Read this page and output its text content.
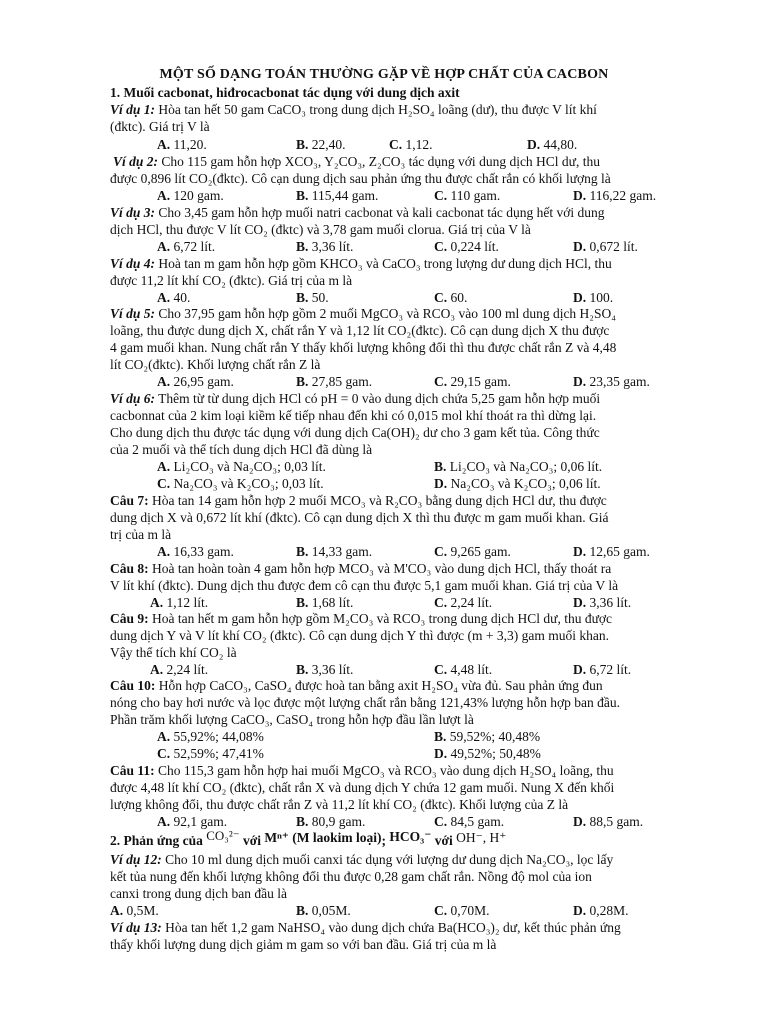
MỘT SỐ DẠNG TOÁN THƯỜNG GẶP VỀ HỢP CHẤT CỦA CACBON
1. Muối cacbonat, hiđrocacbonat tác dụng với dung dịch axit
Ví dụ 1: Hòa tan hết 50 gam CaCO₃ trong dung dịch H₂SO₄ loãng (dư), thu được V lít khí
(đktc). Giá trị V là
A. 11,20.	B. 22,40.	C. 1,12.	D. 44,80.
Ví dụ 2: Cho 115 gam hỗn hợp XCO₃, Y₂CO₃, Z₂CO₃ tác dụng với dung dịch HCl dư, thu
được 0,896 lít CO₂(đktc). Cô cạn dung dịch sau phản ứng thu được chất rắn có khối lượng là
A. 120 gam.	B. 115,44 gam.	C. 110 gam.	D. 116,22 gam.
Ví dụ 3: Cho 3,45 gam hỗn hợp muối natri cacbonat và kali cacbonat tác dụng hết với dung
dịch HCl, thu được V lít CO₂ (đktc) và 3,78 gam muối clorua. Giá trị của V là
A. 6,72 lít.	B. 3,36 lít.	C. 0,224 lít.	D. 0,672 lít.
Ví dụ 4: Hoà tan m gam hỗn hợp gồm KHCO₃ và CaCO₃ trong lượng dư dung dịch HCl, thu
được 11,2 lít khí CO₂ (đktc). Giá trị của m là
A. 40.	B. 50.	C. 60.	D. 100.
Ví dụ 5: Cho 37,95 gam hỗn hợp gồm 2 muối MgCO₃ và RCO₃ vào 100 ml dung dịch H₂SO₄
loãng, thu được dung dịch X, chất rắn Y và 1,12 lít CO₂(đktc). Cô cạn dung dịch X thu được
4 gam muối khan. Nung chất rắn Y thấy khối lượng không đổi thì thu được chất rắn Z và 4,48
lít CO₂(đktc). Khối lượng chất rắn Z là
A. 26,95 gam.	B. 27,85 gam.	C. 29,15 gam.	D. 23,35 gam.
Ví dụ 6: Thêm từ từ dung dịch HCl có pH = 0 vào dung dịch chứa 5,25 gam hỗn hợp muối
cacbonnat của 2 kim loại kiềm kế tiếp nhau đến khi có 0,015 mol khí thoát ra thì dừng lại.
Cho dung dịch thu được tác dụng với dung dịch Ca(OH)₂ dư cho 3 gam kết tủa. Công thức
của 2 muối và thể tích dung dịch HCl đã dùng là
A. Li₂CO₃ và Na₂CO₃; 0,03 lít.	B. Li₂CO₃ và Na₂CO₃; 0,06 lít.
C. Na₂CO₃ và K₂CO₃; 0,03 lít.	D. Na₂CO₃ và K₂CO₃; 0,06 lít.
Câu 7: Hòa tan 14 gam hỗn hợp 2 muối MCO₃ và R₂CO₃ bằng dung dịch HCl dư, thu được
dung dịch X và 0,672 lít khí (đktc). Cô cạn dung dịch X thì thu được m gam muối khan. Giá
trị của m là
A. 16,33 gam.	B. 14,33 gam.	C. 9,265 gam.	D. 12,65 gam.
Câu 8: Hoà tan hoàn toàn 4 gam hỗn hợp MCO₃ và M'CO₃ vào dung dịch HCl, thấy thoát ra
V lít khí (đktc). Dung dịch thu được đem cô cạn thu được 5,1 gam muối khan. Giá trị của V là
A. 1,12 lít.	B. 1,68 lít.	C. 2,24 lít.	D. 3,36 lít.
Câu 9: Hoà tan hết m gam hỗn hợp gồm M₂CO₃ và RCO₃ trong dung dịch HCl dư, thu được
dung dịch Y và V lít khí CO₂ (đktc). Cô cạn dung dịch Y thì được (m + 3,3) gam muối khan.
Vậy thể tích khí CO₂ là
A. 2,24 lít.	B. 3,36 lít.	C. 4,48 lít.	D. 6,72 lít.
Câu 10: Hỗn hợp CaCO₃, CaSO₄ được hoà tan bằng axit H₂SO₄ vừa đủ. Sau phản ứng đun
nóng cho bay hơi nước và lọc được một lượng chất rắn bằng 121,43% lượng hỗn hợp ban đầu.
Phần trăm khối lượng CaCO₃, CaSO₄ trong hỗn hợp đầu lần lượt là
A. 55,92%; 44,08%	B. 59,52%; 40,48%
C. 52,59%; 47,41%	D. 49,52%; 50,48%
Câu 11: Cho 115,3 gam hỗn hợp hai muối MgCO₃ và RCO₃ vào dung dịch H₂SO₄ loãng, thu
được 4,48 lít khí CO₂ (đktc), chất rắn X và dung dịch Y chứa 12 gam muối. Nung X đến khối
lượng không đổi, thu được chất rắn Z và 11,2 lít khí CO₂ (đktc). Khối lượng của Z là
A. 92,1 gam.	B. 80,9 gam.	C. 84,5 gam.	D. 88,5 gam.
2. Phản ứng của CO₃²⁻ với Mⁿ⁺ (M laokim loại); HCO₃⁻ với OH⁻, H⁺
Ví dụ 12: Cho 10 ml dung dịch muối canxi tác dụng với lượng dư dung dịch Na₂CO₃, lọc lấy
kết tủa nung đến khối lượng không đổi thu được 0,28 gam chất rắn. Nồng độ mol của ion
canxi trong dung dịch ban đầu là
A. 0,5M.	B. 0,05M.	C. 0,70M.	D. 0,28M.
Ví dụ 13: Hòa tan hết 1,2 gam NaHSO₄ vào dung dịch chứa Ba(HCO₃)₂ dư, kết thúc phản ứng
thấy khối lượng dung dịch giảm m gam so với ban đầu. Giá trị của m là
